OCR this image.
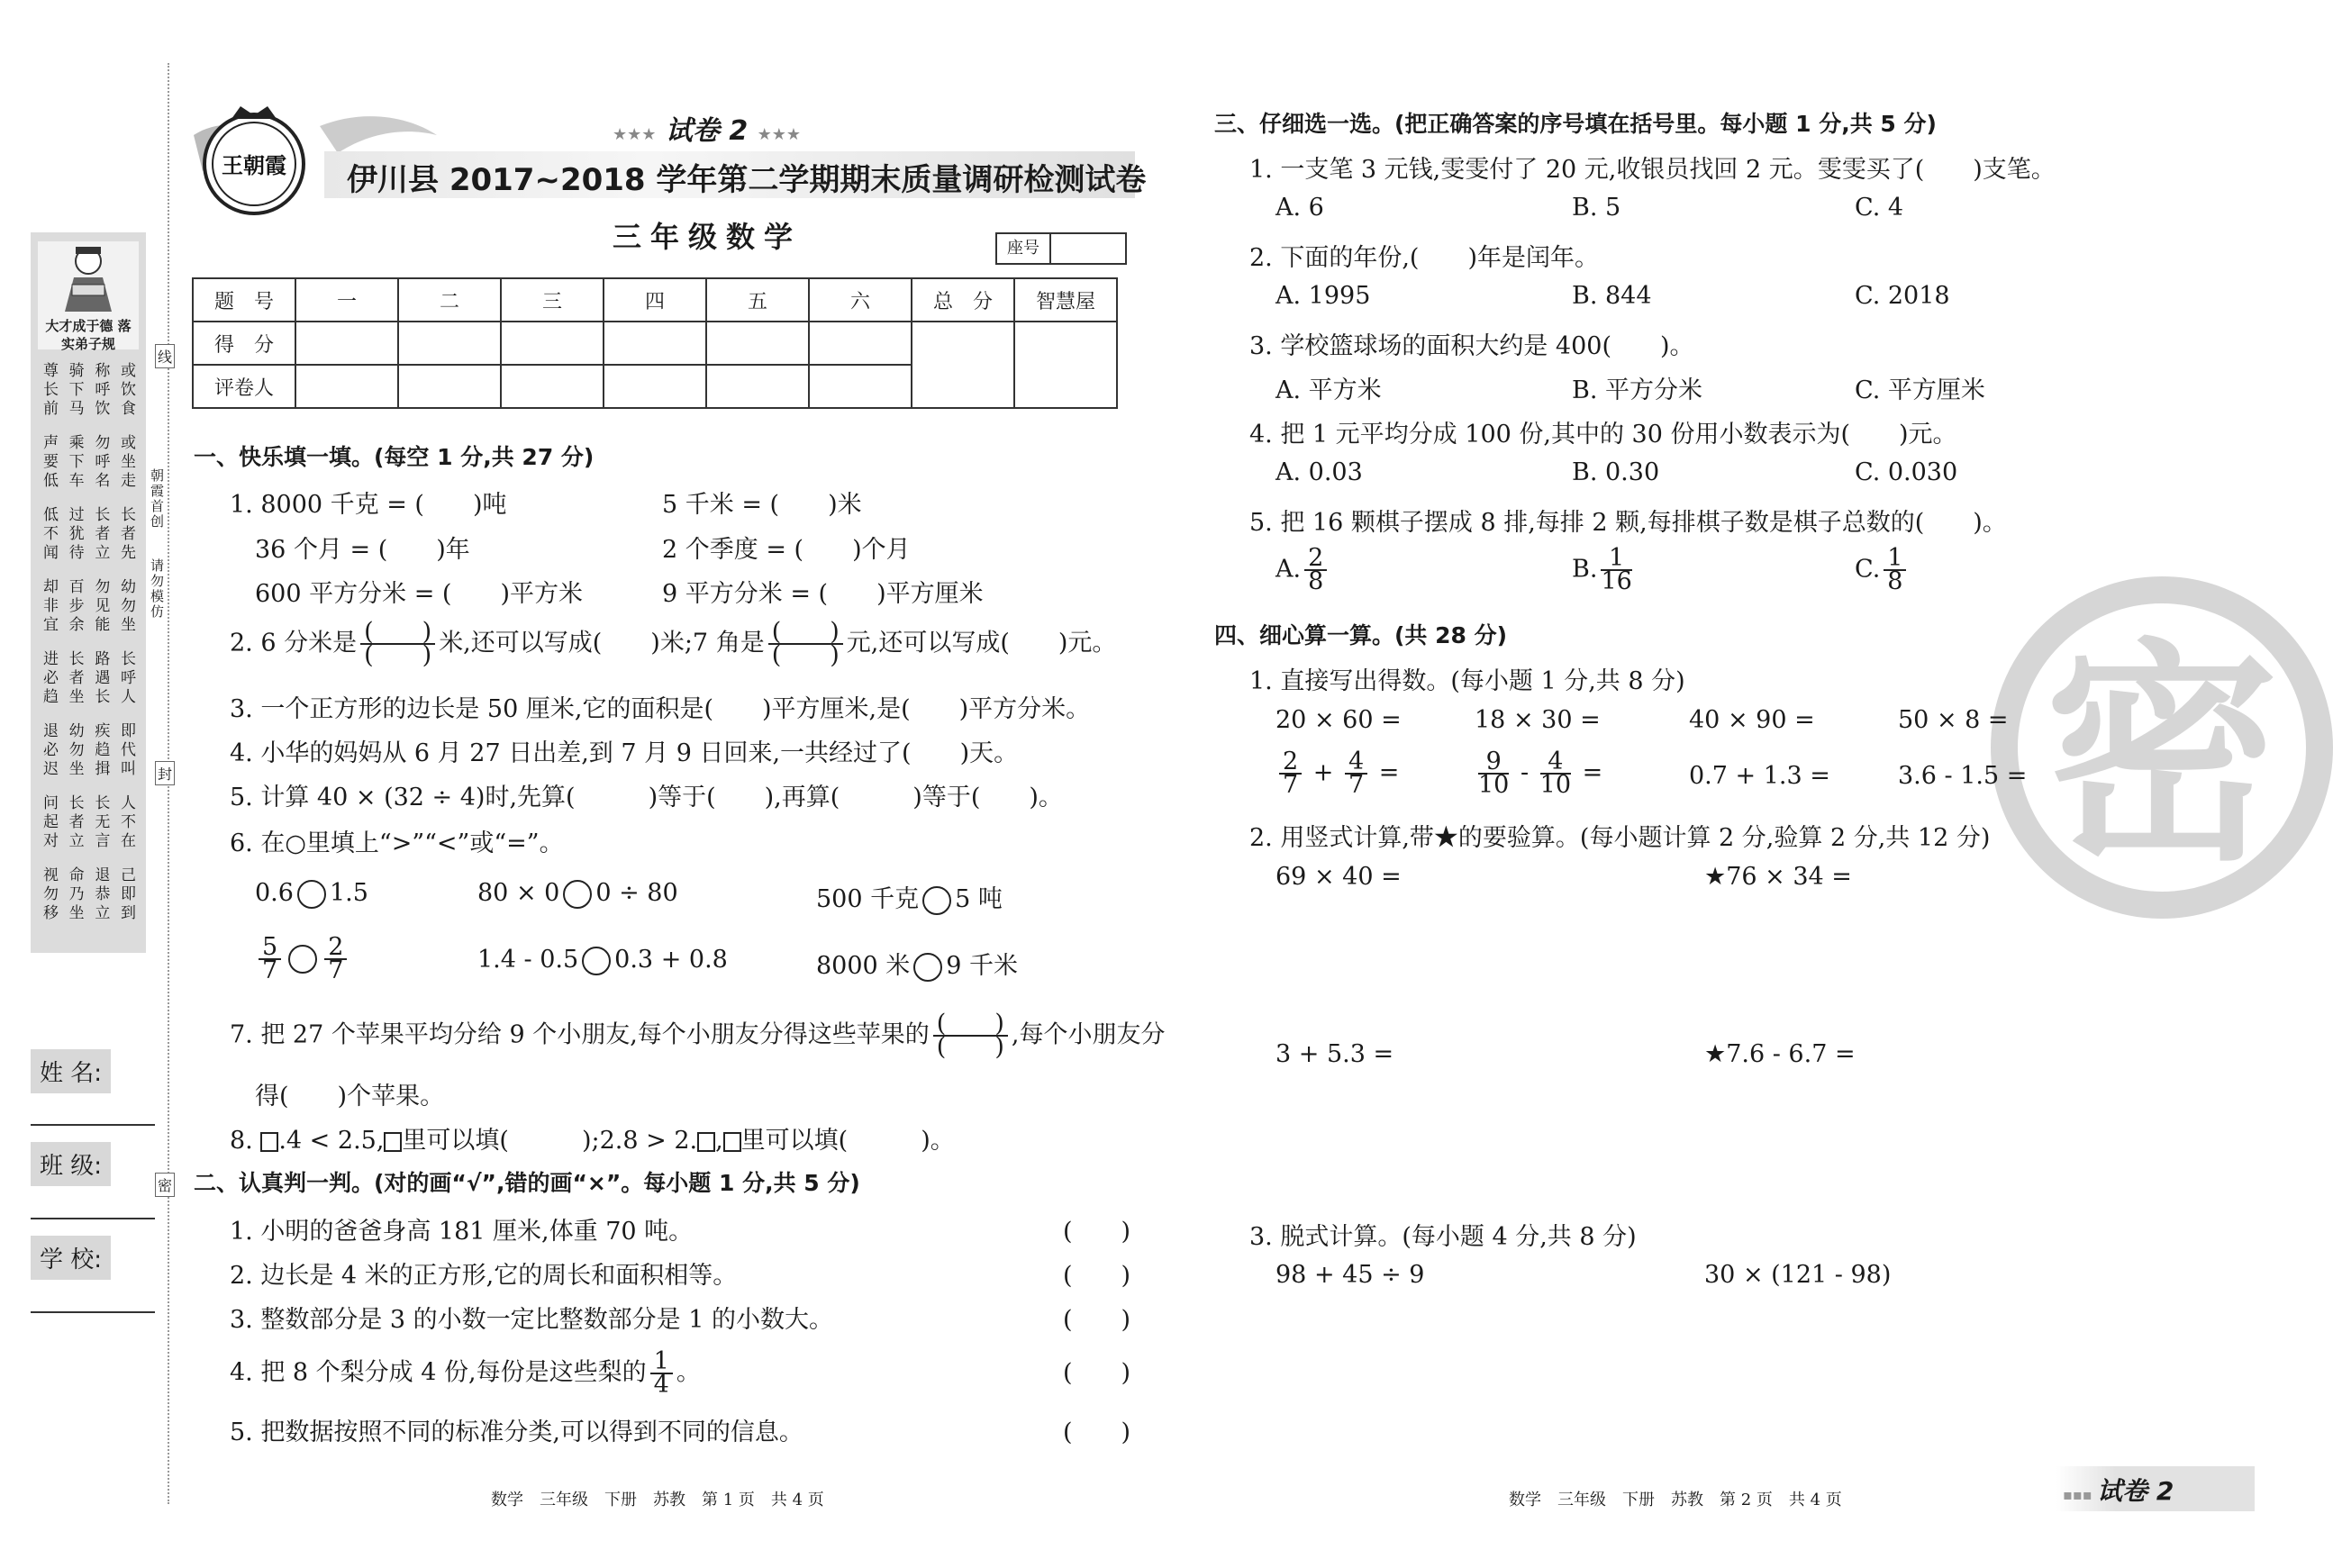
大才成于德 落实弟子规
尊
长
前
骑
下
马
称
呼
饮
或
饮
食
声
要
低
乘
下
车
勿
呼
名
或
坐
走
低
不
闻
过
犹
待
长
者
立
长
者
先
却
非
宜
百
步
余
勿
见
能
幼
勿
坐
进
必
趋
长
者
坐
路
遇
长
长
呼
人
退
必
迟
幼
勿
坐
疾
趋
揖
即
代
叫
问
起
对
长
者
立
长
无
言
人
不
在
视
勿
移
命
乃
坐
退
恭
立
己
即
到
朝霞首创
请勿模仿
线
封
密
姓 名:
班 级:
学 校:
王朝霞
★★★ 试卷 2 ★★★
伊川县 2017~2018 学年第二学期期末质量调研检测试卷
三年级数学	座号
题　号	一	二	三	四	五	六	总　分	智慧屋
得　分								
评卷人								
一、快乐填一填。(每空 1 分,共 27 分)
1. 8000 千克 = (　　)吨	5 千米 = (　　)米
36 个月 = (　　)年	2 个季度 = (　　)个月
600 平方分米 = (　　)平方米	9 平方分米 = (　　)平方厘米
2. 6 分米是 $\frac{( )}{( )}$ 米,还可以写成(　　)米;7 角是 $\frac{( )}{( )}$ 元,还可以写成(　　)元。
3. 一个正方形的边长是 50 厘米,它的面积是(　　)平方厘米,是(　　)平方分米。
4. 小华的妈妈从 6 月 27 日出差,到 7 月 9 日回来,一共经过了(　　)天。
5. 计算 40 × (32 ÷ 4)时,先算(　　　)等于(　　),再算(　　　)等于(　　)。
6. 在○里填上“>”“<”或“=”。
0.6 1.5	80 × 0 0 ÷ 80	500 千克 5 吨
$\frac{5}{7} \frac{2}{7}$	1.4 - 0.5 0.3 + 0.8	8000 米 9 千米
7. 把 27 个苹果平均分给 9 个小朋友,每个小朋友分得这些苹果的 $\frac{( )}{( )}$ ,每个小朋友分
得(　　)个苹果。
8. .4 < 2.5, 里可以填(　　　);2.8 > 2. , 里可以填(　　　)。
二、认真判一判。(对的画“√”,错的画“×”。每小题 1 分,共 5 分)
1. 小明的爸爸身高 181 厘米,体重 70 吨。
2. 边长是 4 米的正方形,它的周长和面积相等。
3. 整数部分是 3 的小数一定比整数部分是 1 的小数大。
4. 把 8 个梨分成 4 份,每份是这些梨的 $\frac{1}{4}$ 。
5. 把数据按照不同的标准分类,可以得到不同的信息。
(　　)
(　　)
(　　)
(　　)
(　　)
数学　三年级　下册　苏教　第 1 页　共 4 页
密
三、仔细选一选。(把正确答案的序号填在括号里。每小题 1 分,共 5 分)
1. 一支笔 3 元钱,雯雯付了 20 元,收银员找回 2 元。雯雯买了(　　)支笔。
A. 6	B. 5	C. 4
2. 下面的年份,(　　)年是闰年。
A. 1995	B. 844	C. 2018
3. 学校篮球场的面积大约是 400(　　)。
A. 平方米	B. 平方分米	C. 平方厘米
4. 把 1 元平均分成 100 份,其中的 30 份用小数表示为(　　)元。
A. 0.03	B. 0.30	C. 0.030
5. 把 16 颗棋子摆成 8 排,每排 2 颗,每排棋子数是棋子总数的(　　)。
A. $\frac{2}{8}$	B. $\frac{1}{16}$	C. $\frac{1}{8}$
四、细心算一算。(共 28 分)
1. 直接写出得数。(每小题 1 分,共 8 分)
20 × 60 =	18 × 30 =	40 × 90 =	50 × 8 =
$\frac{2}{7} + \frac{4}{7}$ =	$\frac{9}{10} - \frac{4}{10}$ =	0.7 + 1.3 =	3.6 - 1.5 =
2. 用竖式计算,带★的要验算。(每小题计算 2 分,验算 2 分,共 12 分)
69 × 40 =	★76 × 34 =
3 + 5.3 =	★7.6 - 6.7 =
3. 脱式计算。(每小题 4 分,共 8 分)
98 + 45 ÷ 9	30 × (121 - 98)
数学　三年级　下册　苏教　第 2 页　共 4 页	▪▪▪ 试卷 2
